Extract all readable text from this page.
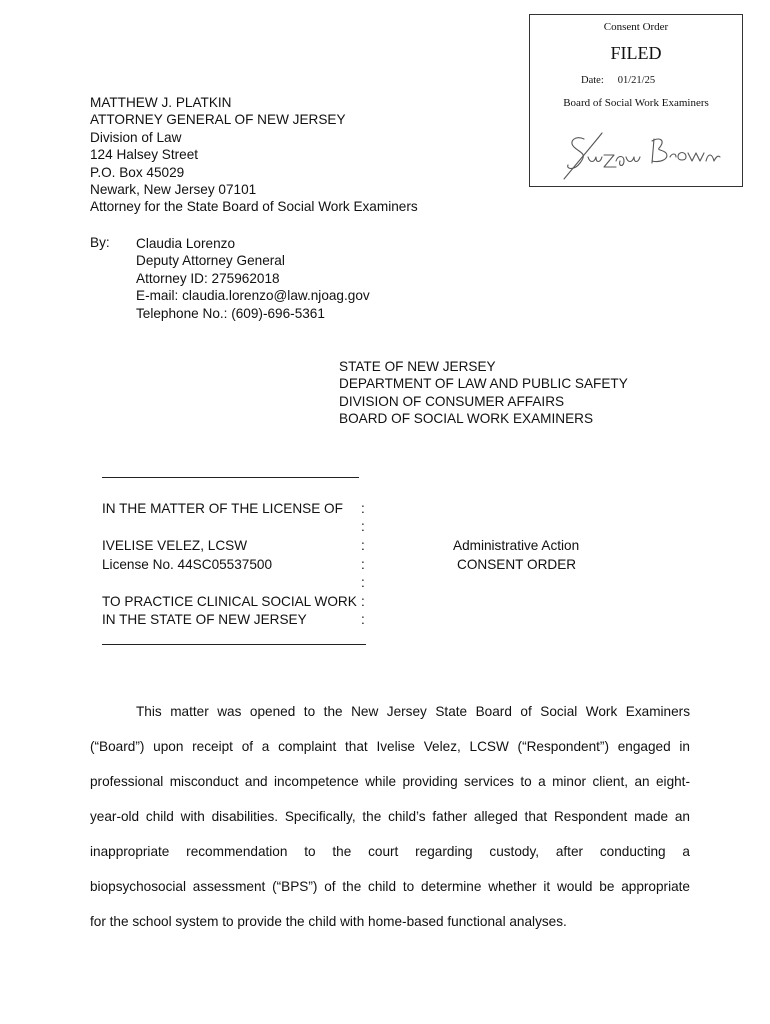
Consent Order
FILED
Date: 01/21/25
Board of Social Work Examiners
MATTHEW J. PLATKIN
ATTORNEY GENERAL OF NEW JERSEY
Division of Law
124 Halsey Street
P.O. Box 45029
Newark, New Jersey 07101
Attorney for the State Board of Social Work Examiners
By: Claudia Lorenzo
Deputy Attorney General
Attorney ID: 275962018
E-mail: claudia.lorenzo@law.njoag.gov
Telephone No.: (609)-696-5361
STATE OF NEW JERSEY
DEPARTMENT OF LAW AND PUBLIC SAFETY
DIVISION OF CONSUMER AFFAIRS
BOARD OF SOCIAL WORK EXAMINERS
IN THE MATTER OF THE LICENSE OF
IVELISE VELEZ, LCSW
License No. 44SC05537500
TO PRACTICE CLINICAL SOCIAL WORK
IN THE STATE OF NEW JERSEY
:
:
:
:
:
:
:
Administrative Action
CONSENT ORDER
This matter was opened to the New Jersey State Board of Social Work Examiners
(“Board”) upon receipt of a complaint that Ivelise Velez, LCSW (“Respondent”) engaged in
professional misconduct and incompetence while providing services to a minor client, an eight-
year-old child with disabilities. Specifically, the child’s father alleged that Respondent made an
inappropriate recommendation to the court regarding custody, after conducting a
biopsychosocial assessment (“BPS”) of the child to determine whether it would be appropriate
for the school system to provide the child with home-based functional analyses.
